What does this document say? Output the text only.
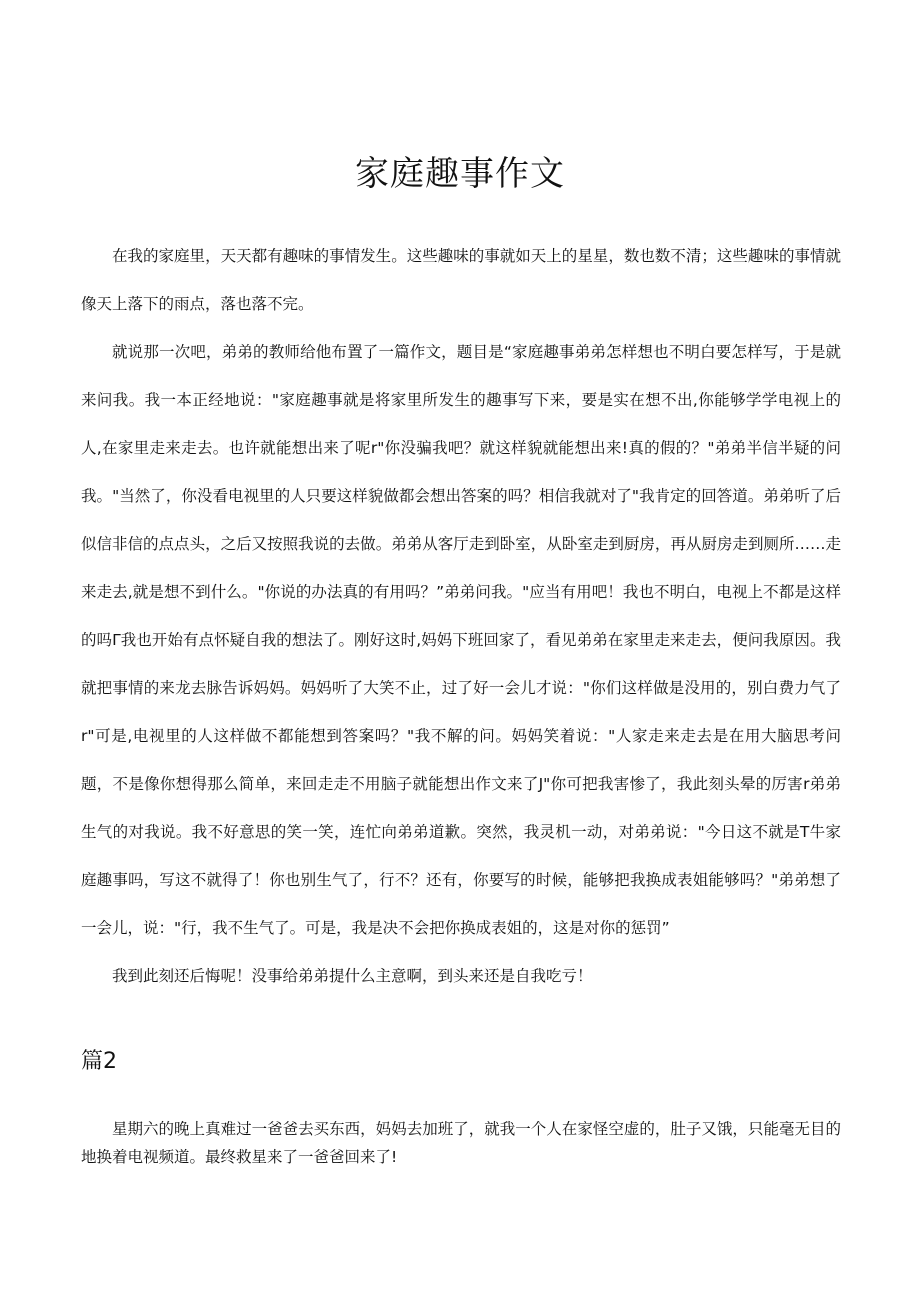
家庭趣事作文

在我的家庭里，天天都有趣味的事情发生。这些趣味的事就如天上的星星，数也数不清；这些趣味的事情就像天上落下的雨点，落也落不完。

就说那一次吧，弟弟的教师给他布置了一篇作文，题目是“家庭趣事弟弟怎样想也不明白要怎样写，于是就来问我。我一本正经地说："家庭趣事就是将家里所发生的趣事写下来，要是实在想不出,你能够学学电视上的人,在家里走来走去。也许就能想出来了呢r"你没骗我吧？就这样貌就能想出来!真的假的？"弟弟半信半疑的问我。"当然了，你没看电视里的人只要这样貌做都会想出答案的吗？相信我就对了"我肯定的回答道。弟弟听了后似信非信的点点头，之后又按照我说的去做。弟弟从客厅走到卧室，从卧室走到厨房，再从厨房走到厕所……走来走去,就是想不到什么。"你说的办法真的有用吗？”弟弟问我。"应当有用吧！我也不明白，电视上不都是这样的吗Γ我也开始有点怀疑自我的想法了。刚好这时,妈妈下班回家了，看见弟弟在家里走来走去，便问我原因。我就把事情的来龙去脉告诉妈妈。妈妈听了大笑不止，过了好一会儿才说："你们这样做是没用的，别白费力气了r"可是,电视里的人这样做不都能想到答案吗？"我不解的问。妈妈笑着说："人家走来走去是在用大脑思考问题，不是像你想得那么简单，来回走走不用脑子就能想出作文来了J"你可把我害惨了，我此刻头晕的厉害r弟弟生气的对我说。我不好意思的笑一笑，连忙向弟弟道歉。突然，我灵机一动，对弟弟说："今日这不就是T牛家庭趣事吗，写这不就得了！你也别生气了，行不？还有，你要写的时候，能够把我换成表姐能够吗？"弟弟想了一会儿，说："行，我不生气了。可是，我是决不会把你换成表姐的，这是对你的惩罚”

我到此刻还后悔呢！没事给弟弟提什么主意啊，到头来还是自我吃亏！

篇2

星期六的晚上真难过一爸爸去买东西，妈妈去加班了，就我一个人在家怪空虚的，肚子又饿，只能毫无目的地换着电视频道。最终救星来了一爸爸回来了!
